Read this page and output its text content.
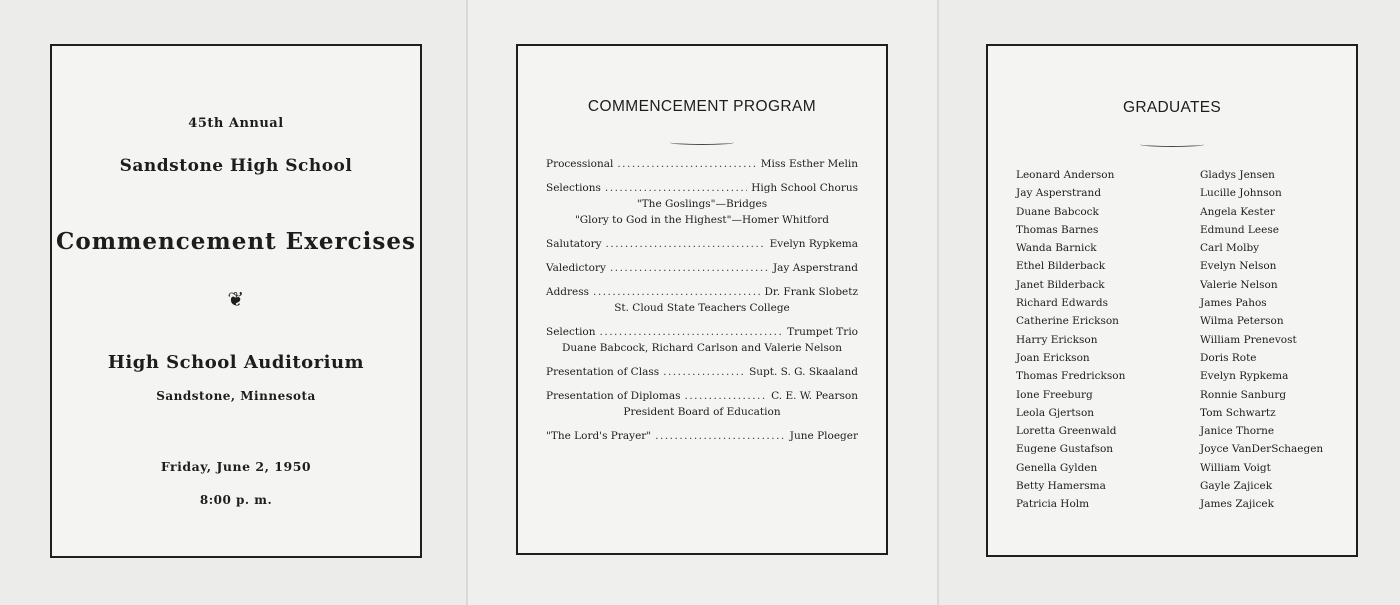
45th Annual
Sandstone High School
Commencement Exercises
❦
High School Auditorium
Sandstone, Minnesota
Friday, June 2, 1950
8:00 p. m.
COMMENCEMENT PROGRAM
Processional .....	Miss Esther Melin
Selections .....	High School Chorus
"The Goslings"—Bridges
"Glory to God in the Highest"—Homer Whitford
Salutatory .....	Evelyn Rypkema
Valedictory .....	Jay Asperstrand
Address .....	Dr. Frank Slobetz
St. Cloud State Teachers College
Selection .....	Trumpet Trio
Duane Babcock, Richard Carlson and Valerie Nelson
Presentation of Class .....	Supt. S. G. Skaaland
Presentation of Diplomas .....	C. E. W. Pearson
President Board of Education
"The Lord's Prayer" .....	June Ploeger
GRADUATES
Leonard Anderson
Jay Asperstrand
Duane Babcock
Thomas Barnes
Wanda Barnick
Ethel Bilderback
Janet Bilderback
Richard Edwards
Catherine Erickson
Harry Erickson
Joan Erickson
Thomas Fredrickson
Ione Freeburg
Leola Gjertson
Loretta Greenwald
Eugene Gustafson
Genella Gylden
Betty Hamersma
Patricia Holm
Gladys Jensen
Lucille Johnson
Angela Kester
Edmund Leese
Carl Molby
Evelyn Nelson
Valerie Nelson
James Pahos
Wilma Peterson
William Prenevost
Doris Rote
Evelyn Rypkema
Ronnie Sanburg
Tom Schwartz
Janice Thorne
Joyce VanDerSchaegen
William Voigt
Gayle Zajicek
James Zajicek
